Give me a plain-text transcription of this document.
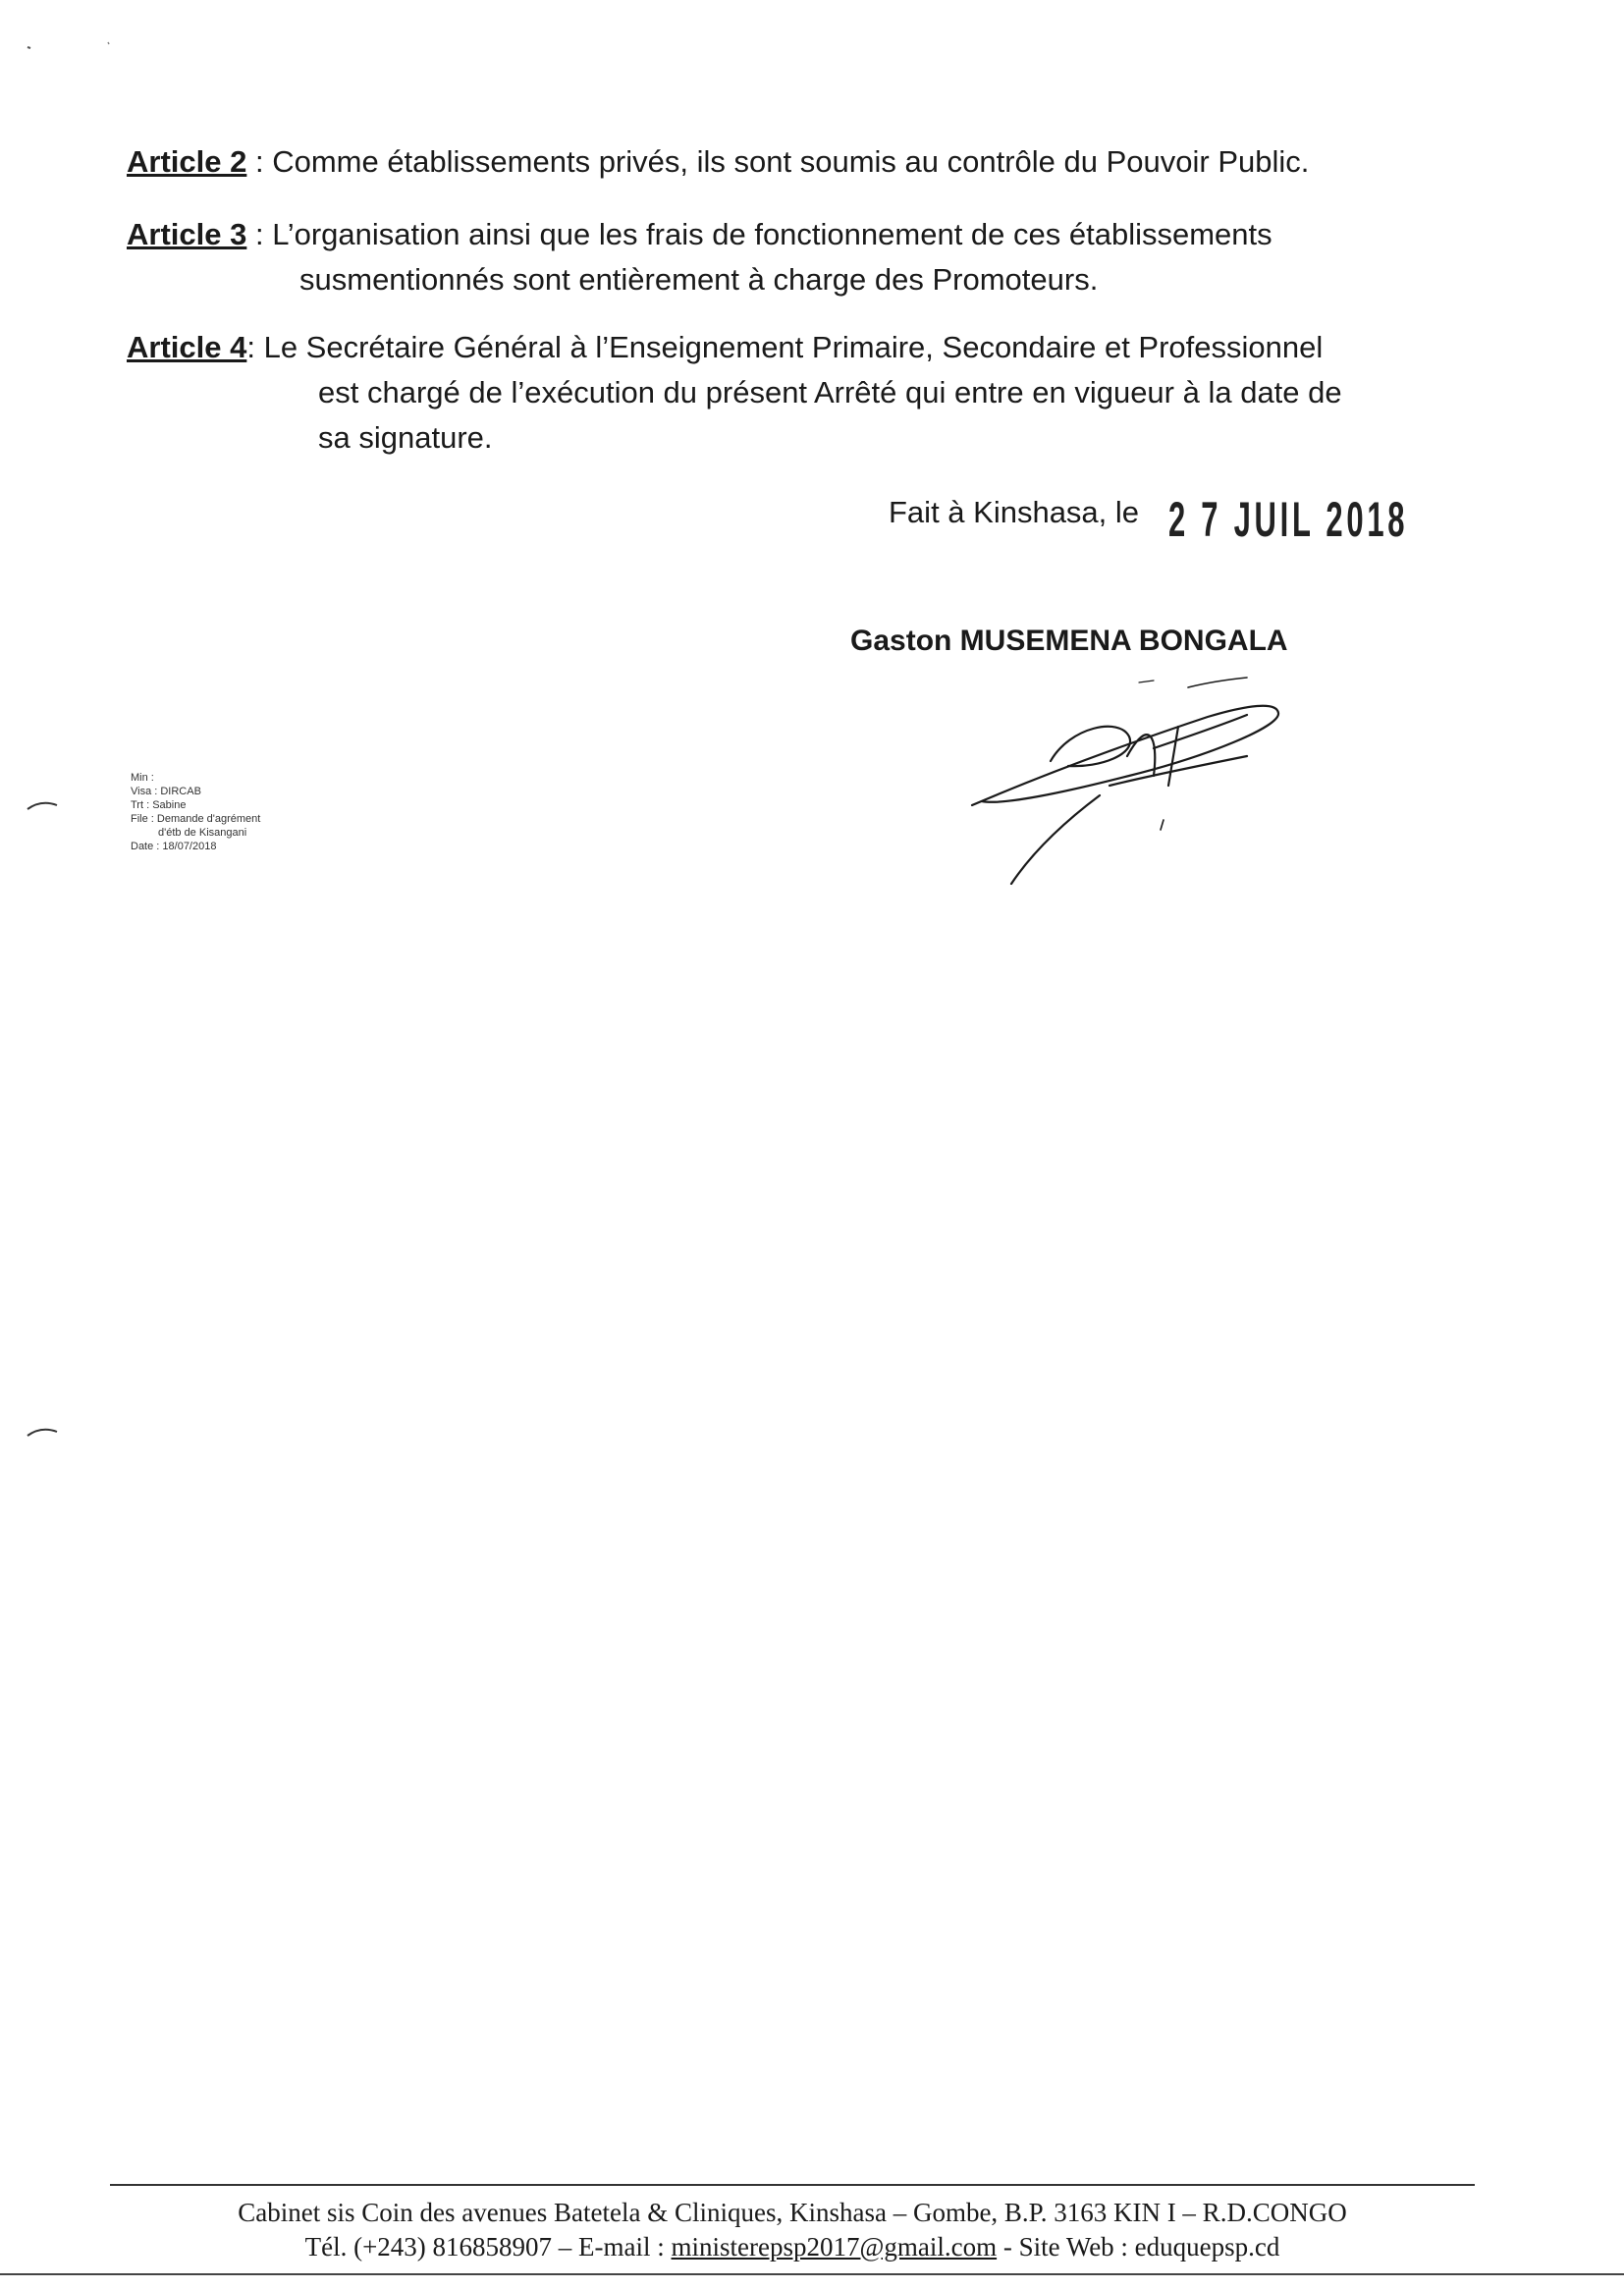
Article 2 : Comme établissements privés, ils sont soumis au contrôle du Pouvoir Public.
Article 3 : L’organisation ainsi que les frais de fonctionnement de ces établissements
susmentionnés sont entièrement à charge des Promoteurs.
Article 4: Le Secrétaire Général à l’Enseignement Primaire, Secondaire et Professionnel
est chargé de l’exécution du présent Arrêté qui entre en vigueur à la date de
sa signature.
Fait à Kinshasa, le 2 7 JUIL 2018
Gaston MUSEMENA BONGALA
Min :
Visa : DIRCAB
Trt : Sabine
File : Demande d'agrément
d'étb de Kisangani
Date : 18/07/2018
Cabinet sis Coin des avenues Batetela & Cliniques, Kinshasa – Gombe, B.P. 3163 KIN I – R.D.CONGO
Tél. (+243) 816858907 – E-mail : ministerepsp2017@gmail.com - Site Web : eduquepsp.cd
